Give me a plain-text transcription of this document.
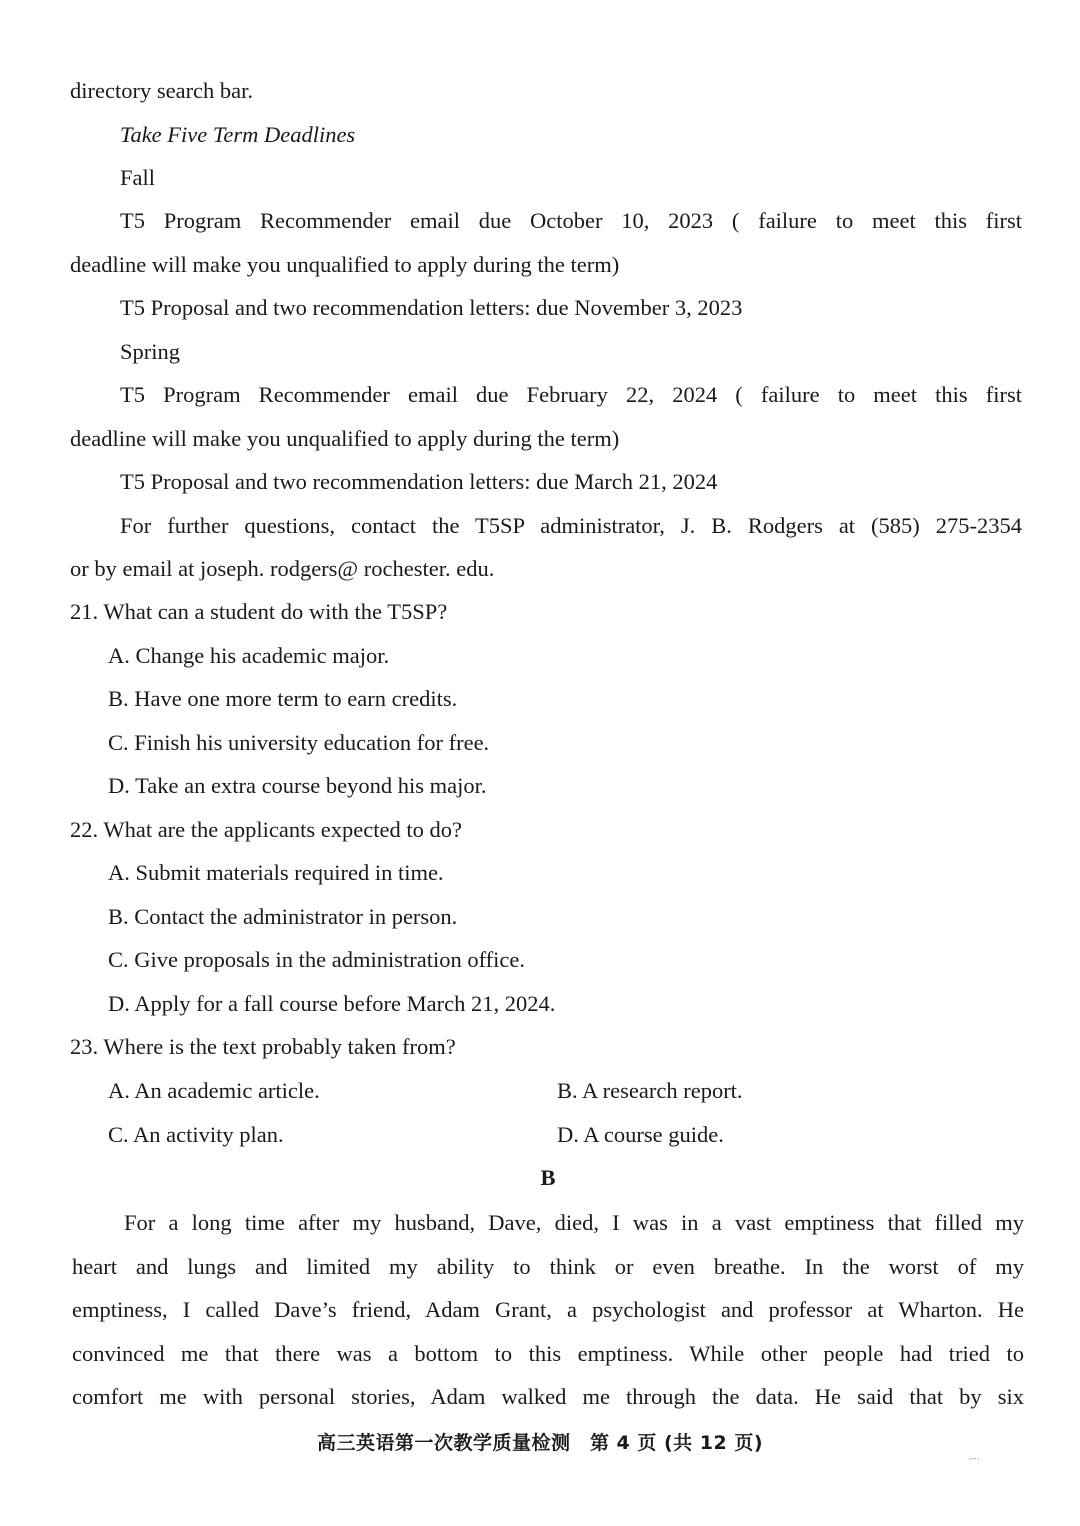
directory search bar.
Take Five Term Deadlines
Fall
T5 Program Recommender email due October 10, 2023 ( failure to meet this first
deadline will make you unqualified to apply during the term)
T5 Proposal and two recommendation letters: due November 3, 2023
Spring
T5 Program Recommender email due February 22, 2024 ( failure to meet this first
deadline will make you unqualified to apply during the term)
T5 Proposal and two recommendation letters: due March 21, 2024
For further questions, contact the T5SP administrator, J. B. Rodgers at (585) 275-2354
or by email at joseph. rodgers@ rochester. edu.
21. What can a student do with the T5SP?
A. Change his academic major.
B. Have one more term to earn credits.
C. Finish his university education for free.
D. Take an extra course beyond his major.
22. What are the applicants expected to do?
A. Submit materials required in time.
B. Contact the administrator in person.
C. Give proposals in the administration office.
D. Apply for a fall course before March 21, 2024.
23. Where is the text probably taken from?
A. An academic article.	B. A research report.
C. An activity plan.	D. A course guide.
B
For a long time after my husband, Dave, died, I was in a vast emptiness that filled my
heart and lungs and limited my ability to think or even breathe. In the worst of my
emptiness, I called Dave’s friend, Adam Grant, a psychologist and professor at Wharton. He
convinced me that there was a bottom to this emptiness. While other people had tried to
comfort me with personal stories, Adam walked me through the data. He said that by six
高三英语第一次教学质量检测　第 4 页 (共 12 页)
ー·
